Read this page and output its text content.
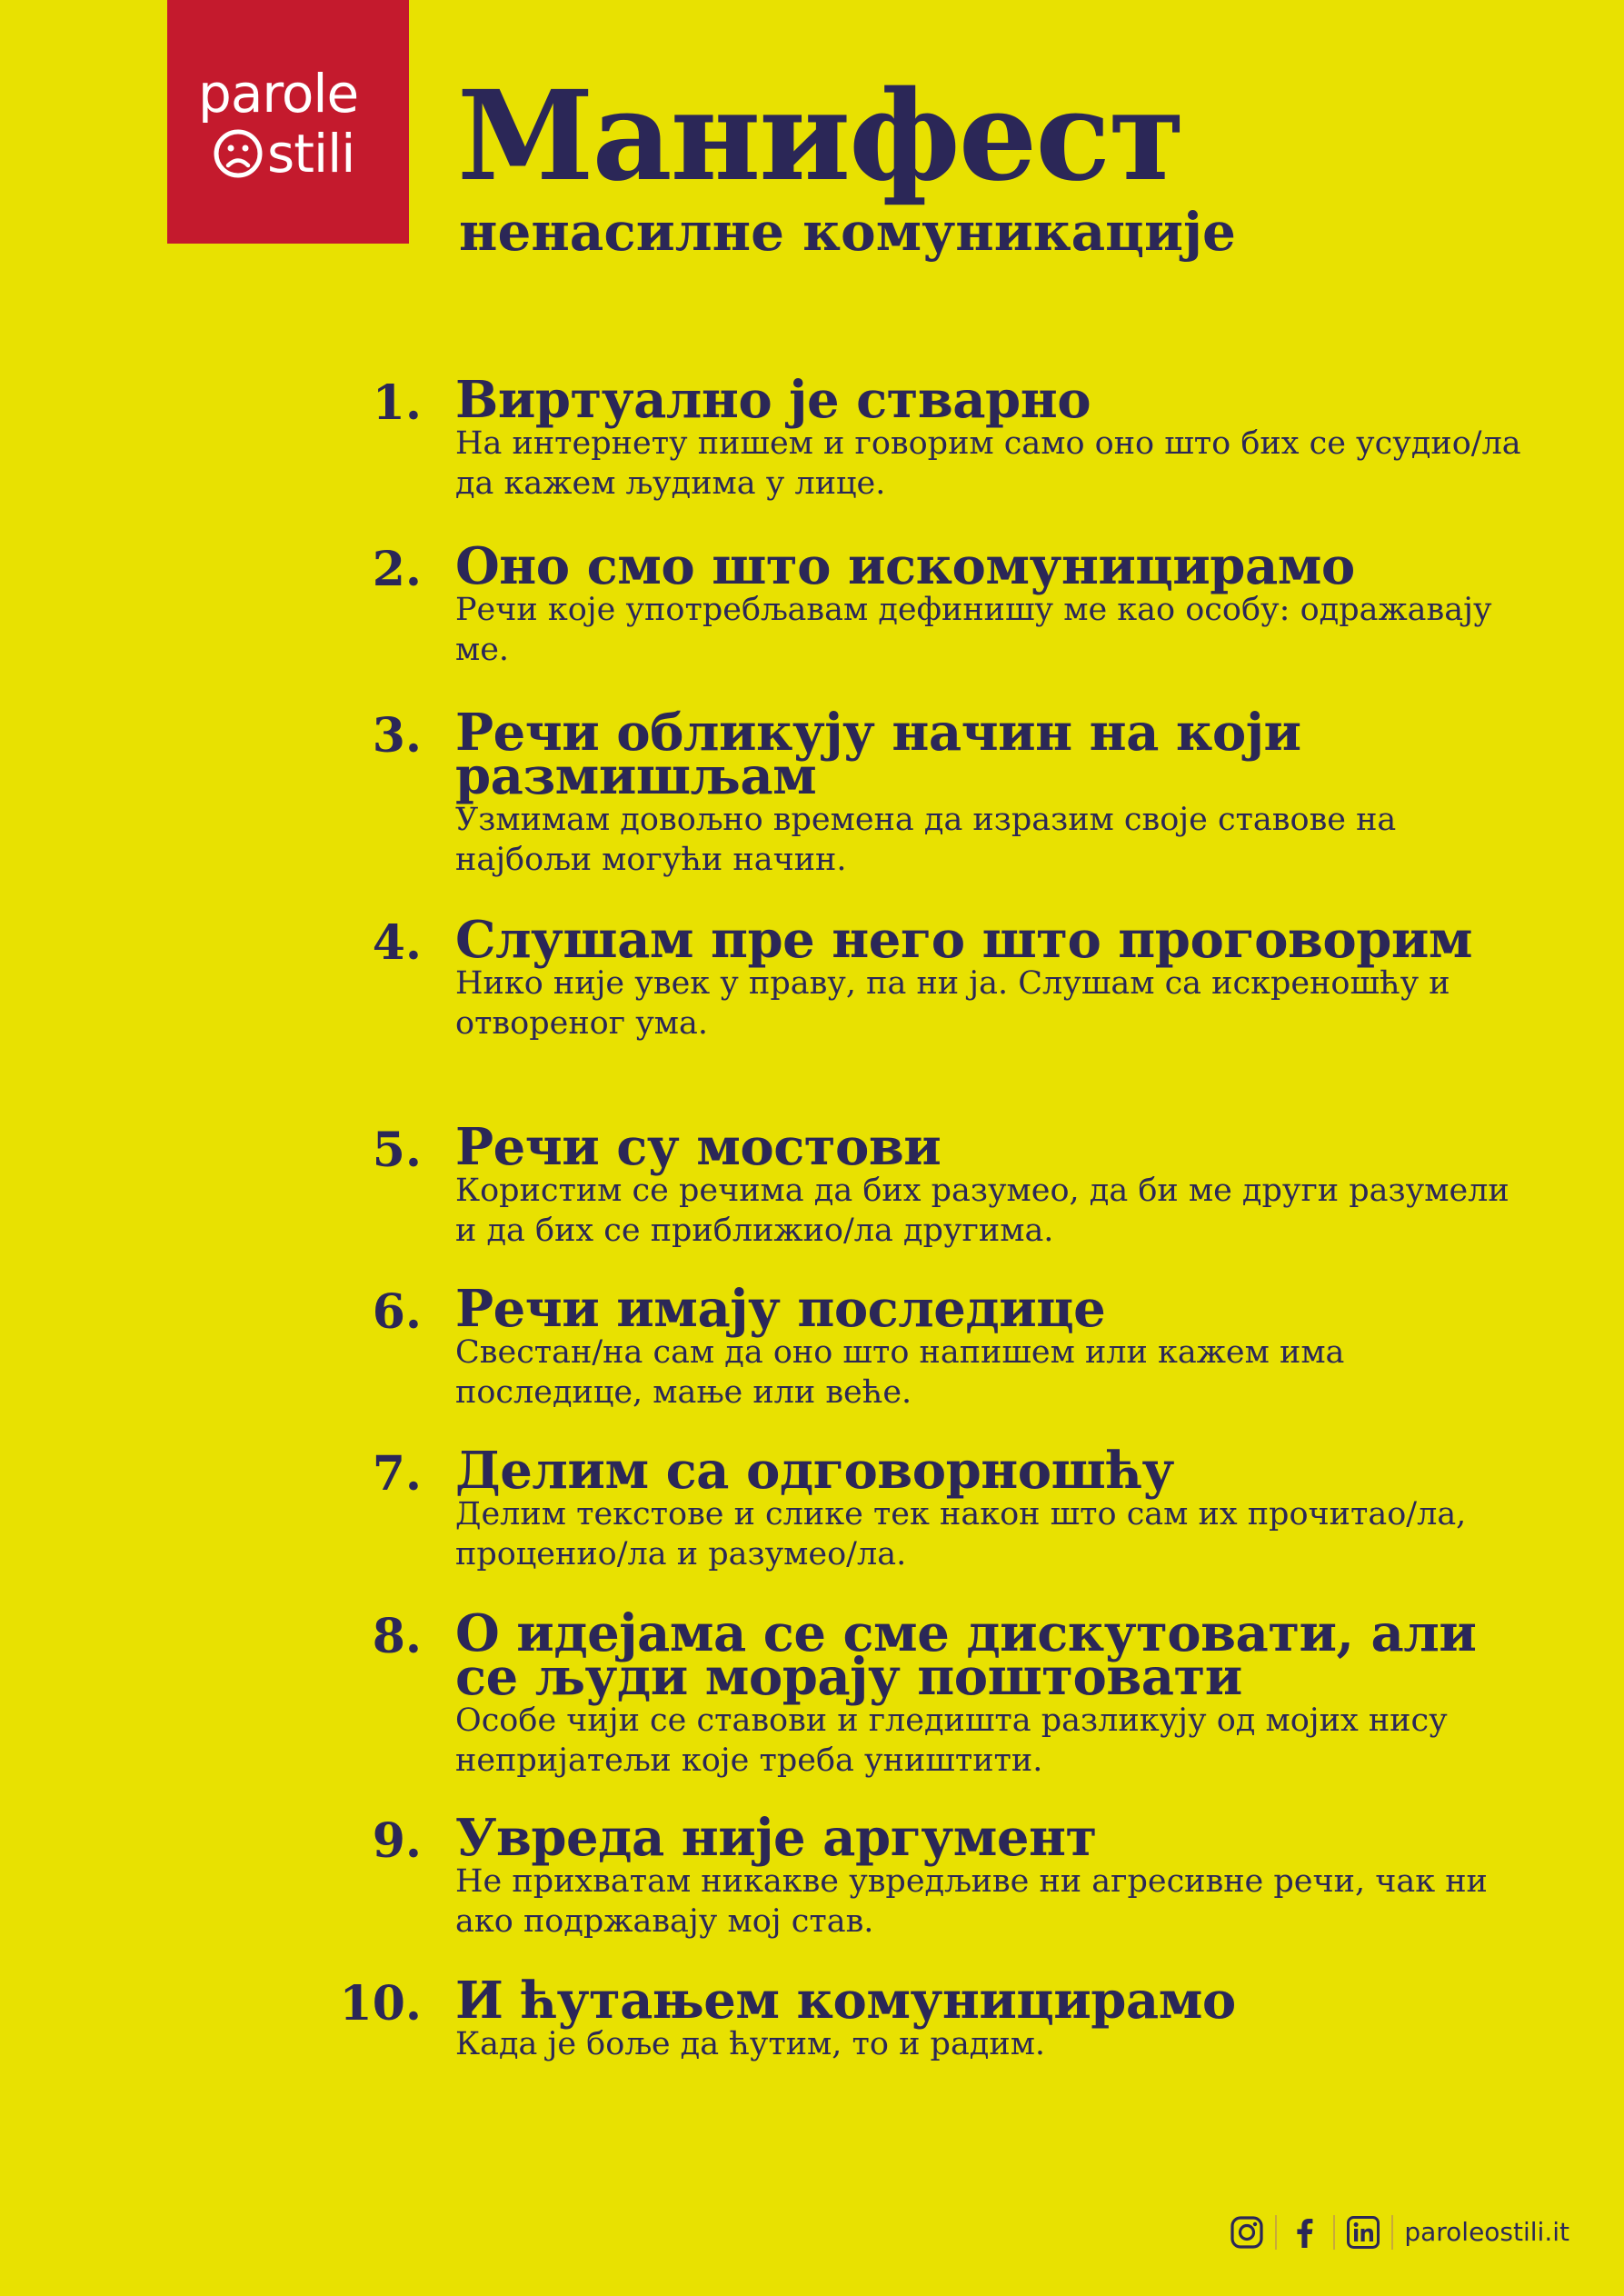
parole
stili Манифест
ненасилне комуникације
1. Виртуално је стварно
На интернету пишем и говорим само оно што бих се усудио/ла да кажем људима у лице.
2. Оно смо што искомуницирамо
Речи које употребљавам дефинишу ме као особу: одражавају ме.
3. Речи обликују начин на који размишљам
Узмимам довољно времена да изразим своје ставове на најбољи могући начин.
4. Слушам пре него што проговорим
Нико није увек у праву, па ни ја. Слушам са искреношћу и отвореног ума.
5. Речи су мостови
Користим се речима да бих разумео, да би ме други разумели и да бих се приближио/ла другима.
6. Речи имају последице
Свестан/на сам да оно што напишем или кажем има последице, мање или веће.
7. Делим са одговорношћу
Делим текстове и слике тек након што сам их прочитао/ла, проценио/ла и разумео/ла.
8. О идејама се сме дискутовати, али се људи морају поштовати
Особе чији се ставови и гледишта разликују од мојих нису непријатељи које треба уништити.
9. Увреда није аргумент
Не прихватам никакве увредљиве ни агресивне речи, чак ни ако подржавају мој став.
10. И ћутањем комуницирамо
Када је боље да ћутим, то и радим.
paroleostili.it
